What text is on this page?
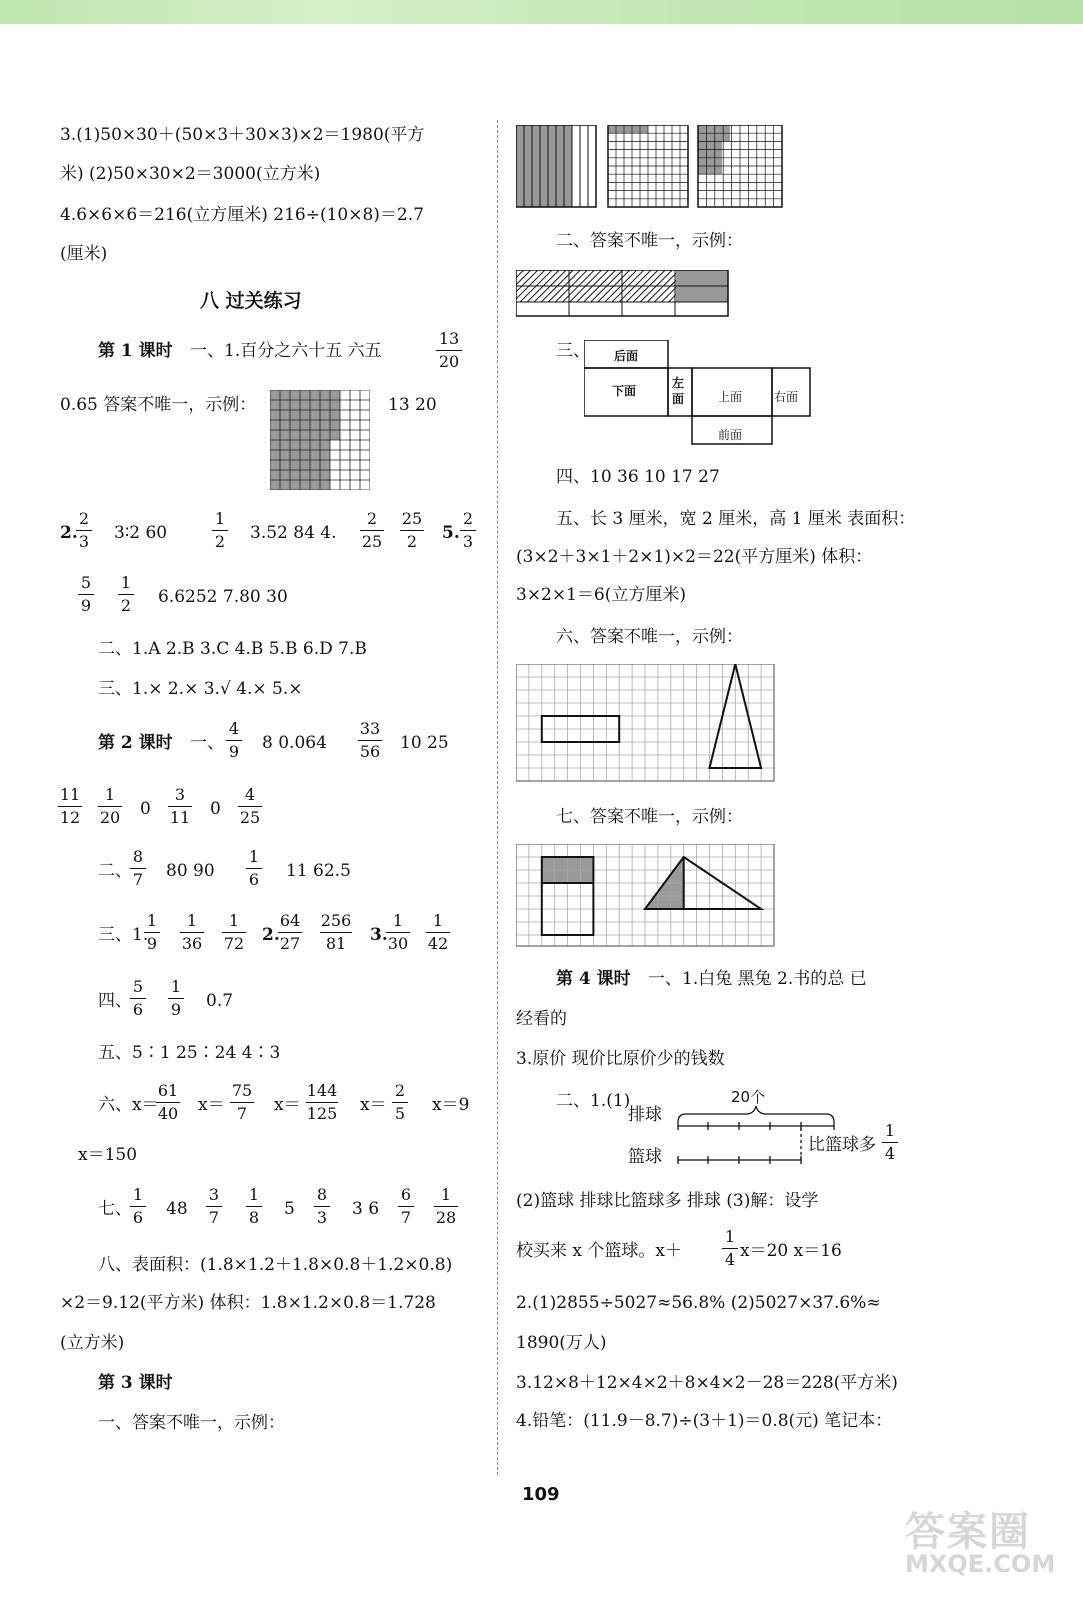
3.(1)50×30＋(50×3＋30×3)×2＝1980(平方
米) (2)50×30×2＝3000(立方米)
4.6×6×6＝216(立方厘米) 216÷(10×8)＝2.7
(厘米)
八 过关练习
第 1 课时 一、1.百分之六十五 六五
13
20
0.65 答案不唯一，示例：	13 20
2.
2
3 3∶2 60
1
2 3.52 84 4.
2
25
25
2	5.
2
3
5
9
1
2 6.6252 7.80 30
二、1.A 2.B 3.C 4.B 5.B 6.D 7.B
三、1.× 2.× 3.√ 4.× 5.×
第 2 课时 一、
4
9 8 0.064
33
56 10 25
11
12
1
20 0
3
11 0
4
25
二、
8
7 80 90
1
6 11 62.5
三、1.
1
9
1
36
1
72 2.
64
27
256
81	3.
1
30
1
42
四、
5
6
1
9 0.7
五、5∶1 25∶24 4∶3
六、x＝
61
40 x＝
75
7	x＝
144
125 x＝
2
5 x＝9
x＝150
七、
1
6 48
3
7
1
8 5
8
3 3 6
6
7
1
28
八、表面积：(1.8×1.2＋1.8×0.8＋1.2×0.8)
×2＝9.12(平方米) 体积：1.8×1.2×0.8＝1.728
(立方米)
第 3 课时
一、答案不唯一，示例：
二、答案不唯一，示例：
三、 后面
下面
左面	上面	右面
前面
四、10 36 10 17 27
五、长 3 厘米，宽 2 厘米，高 1 厘米 表面积：
(3×2＋3×1＋2×1)×2＝22(平方厘米) 体积：
3×2×1＝6(立方厘米)
六、答案不唯一，示例：
七、答案不唯一，示例：
第 4 课时 一、1.白兔 黑兔 2.书的总 已
经看的
3.原价 现价比原价少的钱数
二、1.(1)	20个
排球
篮球
比篮球多
1
4
(2)篮球 排球比篮球多 排球 (3)解：设学
校买来 x 个篮球。x＋
1
4 x＝20 x＝16
2.(1)2855÷5027≈56.8% (2)5027×37.6%≈
1890(万人)
3.12×8＋12×4×2＋8×4×2－28＝228(平方米)
4.铅笔：(11.9－8.7)÷(3＋1)＝0.8(元) 笔记本：
109
答案圈
MXQE.COM
